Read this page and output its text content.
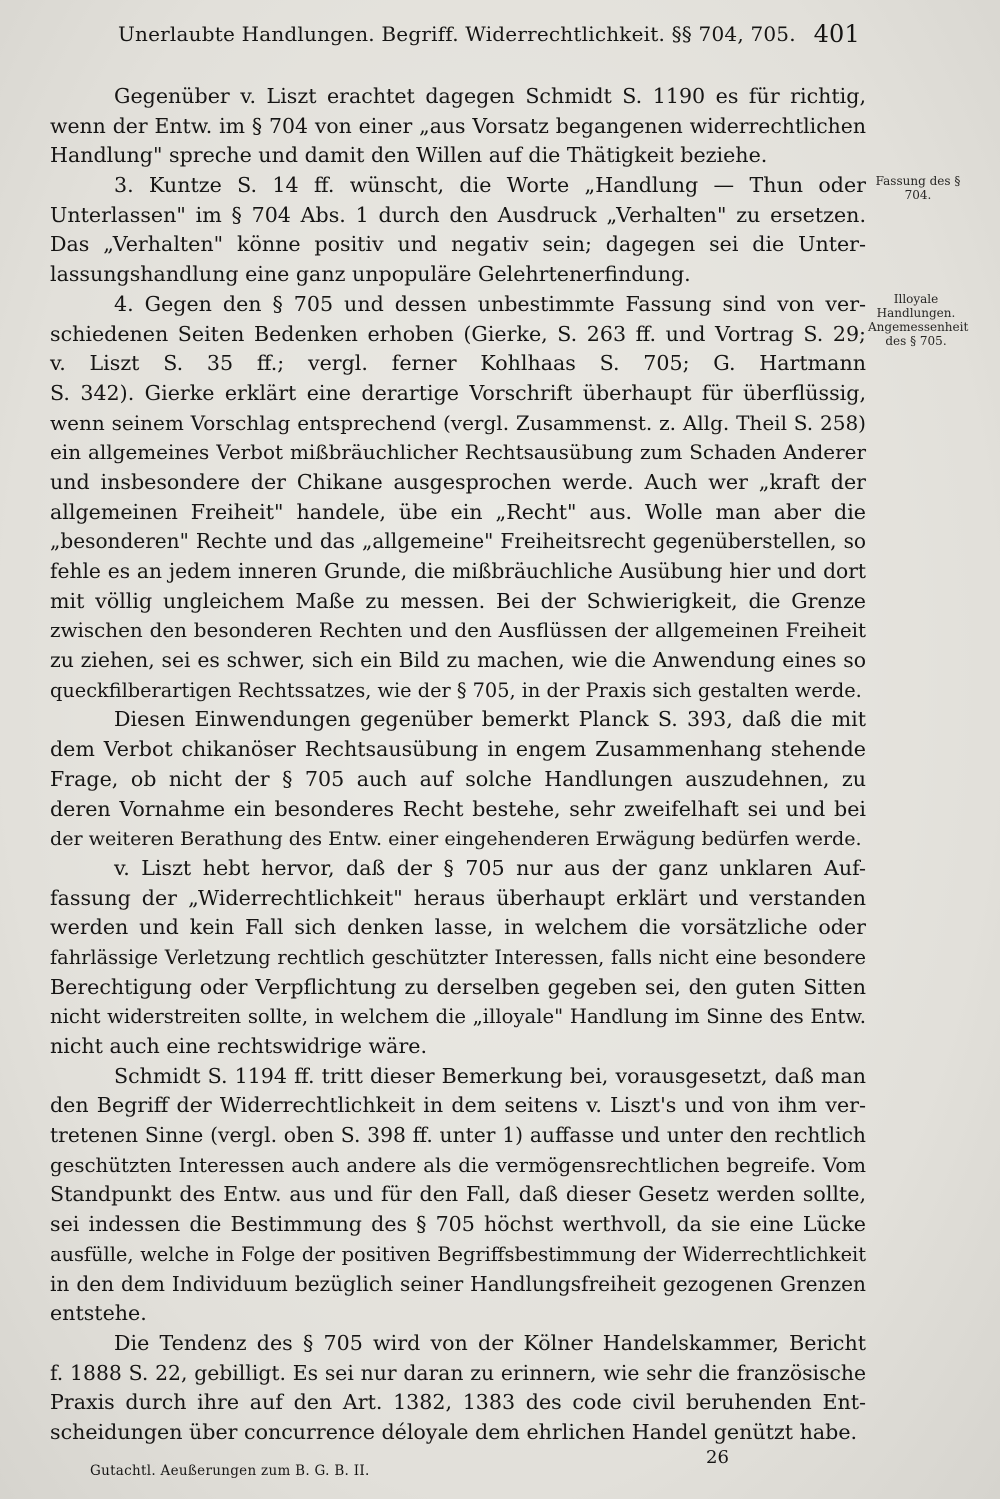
Unerlaubte Handlungen. Begriff. Widerrechtlichkeit. §§ 704, 705. 401
Fassung des § 704.
Illoyale Handlungen. Angemessenheit des § 705.
Gegenüber v. Liszt erachtet dagegen Schmidt S. 1190 es für richtig,
wenn der Entw. im § 704 von einer „aus Vorsatz begangenen widerrechtlichen
Handlung" spreche und damit den Willen auf die Thätigkeit beziehe.
3. Kuntze S. 14 ff. wünscht, die Worte „Handlung — Thun oder
Unterlassen" im § 704 Abs. 1 durch den Ausdruck „Verhalten" zu ersetzen.
Das „Verhalten" könne positiv und negativ sein; dagegen sei die Unter-
lassungshandlung eine ganz unpopuläre Gelehrtenerfindung.
4. Gegen den § 705 und dessen unbestimmte Fassung sind von ver-
schiedenen Seiten Bedenken erhoben (Gierke, S. 263 ff. und Vortrag S. 29;
v. Liszt S. 35 ff.; vergl. ferner Kohlhaas S. 705; G. Hartmann
S. 342). Gierke erklärt eine derartige Vorschrift überhaupt für überflüssig,
wenn seinem Vorschlag entsprechend (vergl. Zusammenst. z. Allg. Theil S. 258)
ein allgemeines Verbot mißbräuchlicher Rechtsausübung zum Schaden Anderer
und insbesondere der Chikane ausgesprochen werde. Auch wer „kraft der
allgemeinen Freiheit" handele, übe ein „Recht" aus. Wolle man aber die
„besonderen" Rechte und das „allgemeine" Freiheitsrecht gegenüberstellen, so
fehle es an jedem inneren Grunde, die mißbräuchliche Ausübung hier und dort
mit völlig ungleichem Maße zu messen. Bei der Schwierigkeit, die Grenze
zwischen den besonderen Rechten und den Ausflüssen der allgemeinen Freiheit
zu ziehen, sei es schwer, sich ein Bild zu machen, wie die Anwendung eines so
queckfilberartigen Rechtssatzes, wie der § 705, in der Praxis sich gestalten werde.
Diesen Einwendungen gegenüber bemerkt Planck S. 393, daß die mit
dem Verbot chikanöser Rechtsausübung in engem Zusammenhang stehende
Frage, ob nicht der § 705 auch auf solche Handlungen auszudehnen, zu
deren Vornahme ein besonderes Recht bestehe, sehr zweifelhaft sei und bei
der weiteren Berathung des Entw. einer eingehenderen Erwägung bedürfen werde.
v. Liszt hebt hervor, daß der § 705 nur aus der ganz unklaren Auf-
fassung der „Widerrechtlichkeit" heraus überhaupt erklärt und verstanden
werden und kein Fall sich denken lasse, in welchem die vorsätzliche oder
fahrlässige Verletzung rechtlich geschützter Interessen, falls nicht eine besondere
Berechtigung oder Verpflichtung zu derselben gegeben sei, den guten Sitten
nicht widerstreiten sollte, in welchem die „illoyale" Handlung im Sinne des Entw.
nicht auch eine rechtswidrige wäre.
Schmidt S. 1194 ff. tritt dieser Bemerkung bei, vorausgesetzt, daß man
den Begriff der Widerrechtlichkeit in dem seitens v. Liszt's und von ihm ver-
tretenen Sinne (vergl. oben S. 398 ff. unter 1) auffasse und unter den rechtlich
geschützten Interessen auch andere als die vermögensrechtlichen begreife. Vom
Standpunkt des Entw. aus und für den Fall, daß dieser Gesetz werden sollte,
sei indessen die Bestimmung des § 705 höchst werthvoll, da sie eine Lücke
ausfülle, welche in Folge der positiven Begriffsbestimmung der Widerrechtlichkeit
in den dem Individuum bezüglich seiner Handlungsfreiheit gezogenen Grenzen
entstehe.
Die Tendenz des § 705 wird von der Kölner Handelskammer, Bericht
f. 1888 S. 22, gebilligt. Es sei nur daran zu erinnern, wie sehr die französische
Praxis durch ihre auf den Art. 1382, 1383 des code civil beruhenden Ent-
scheidungen über concurrence déloyale dem ehrlichen Handel genützt habe.
26
Gutachtl. Aeußerungen zum B. G. B. II.
